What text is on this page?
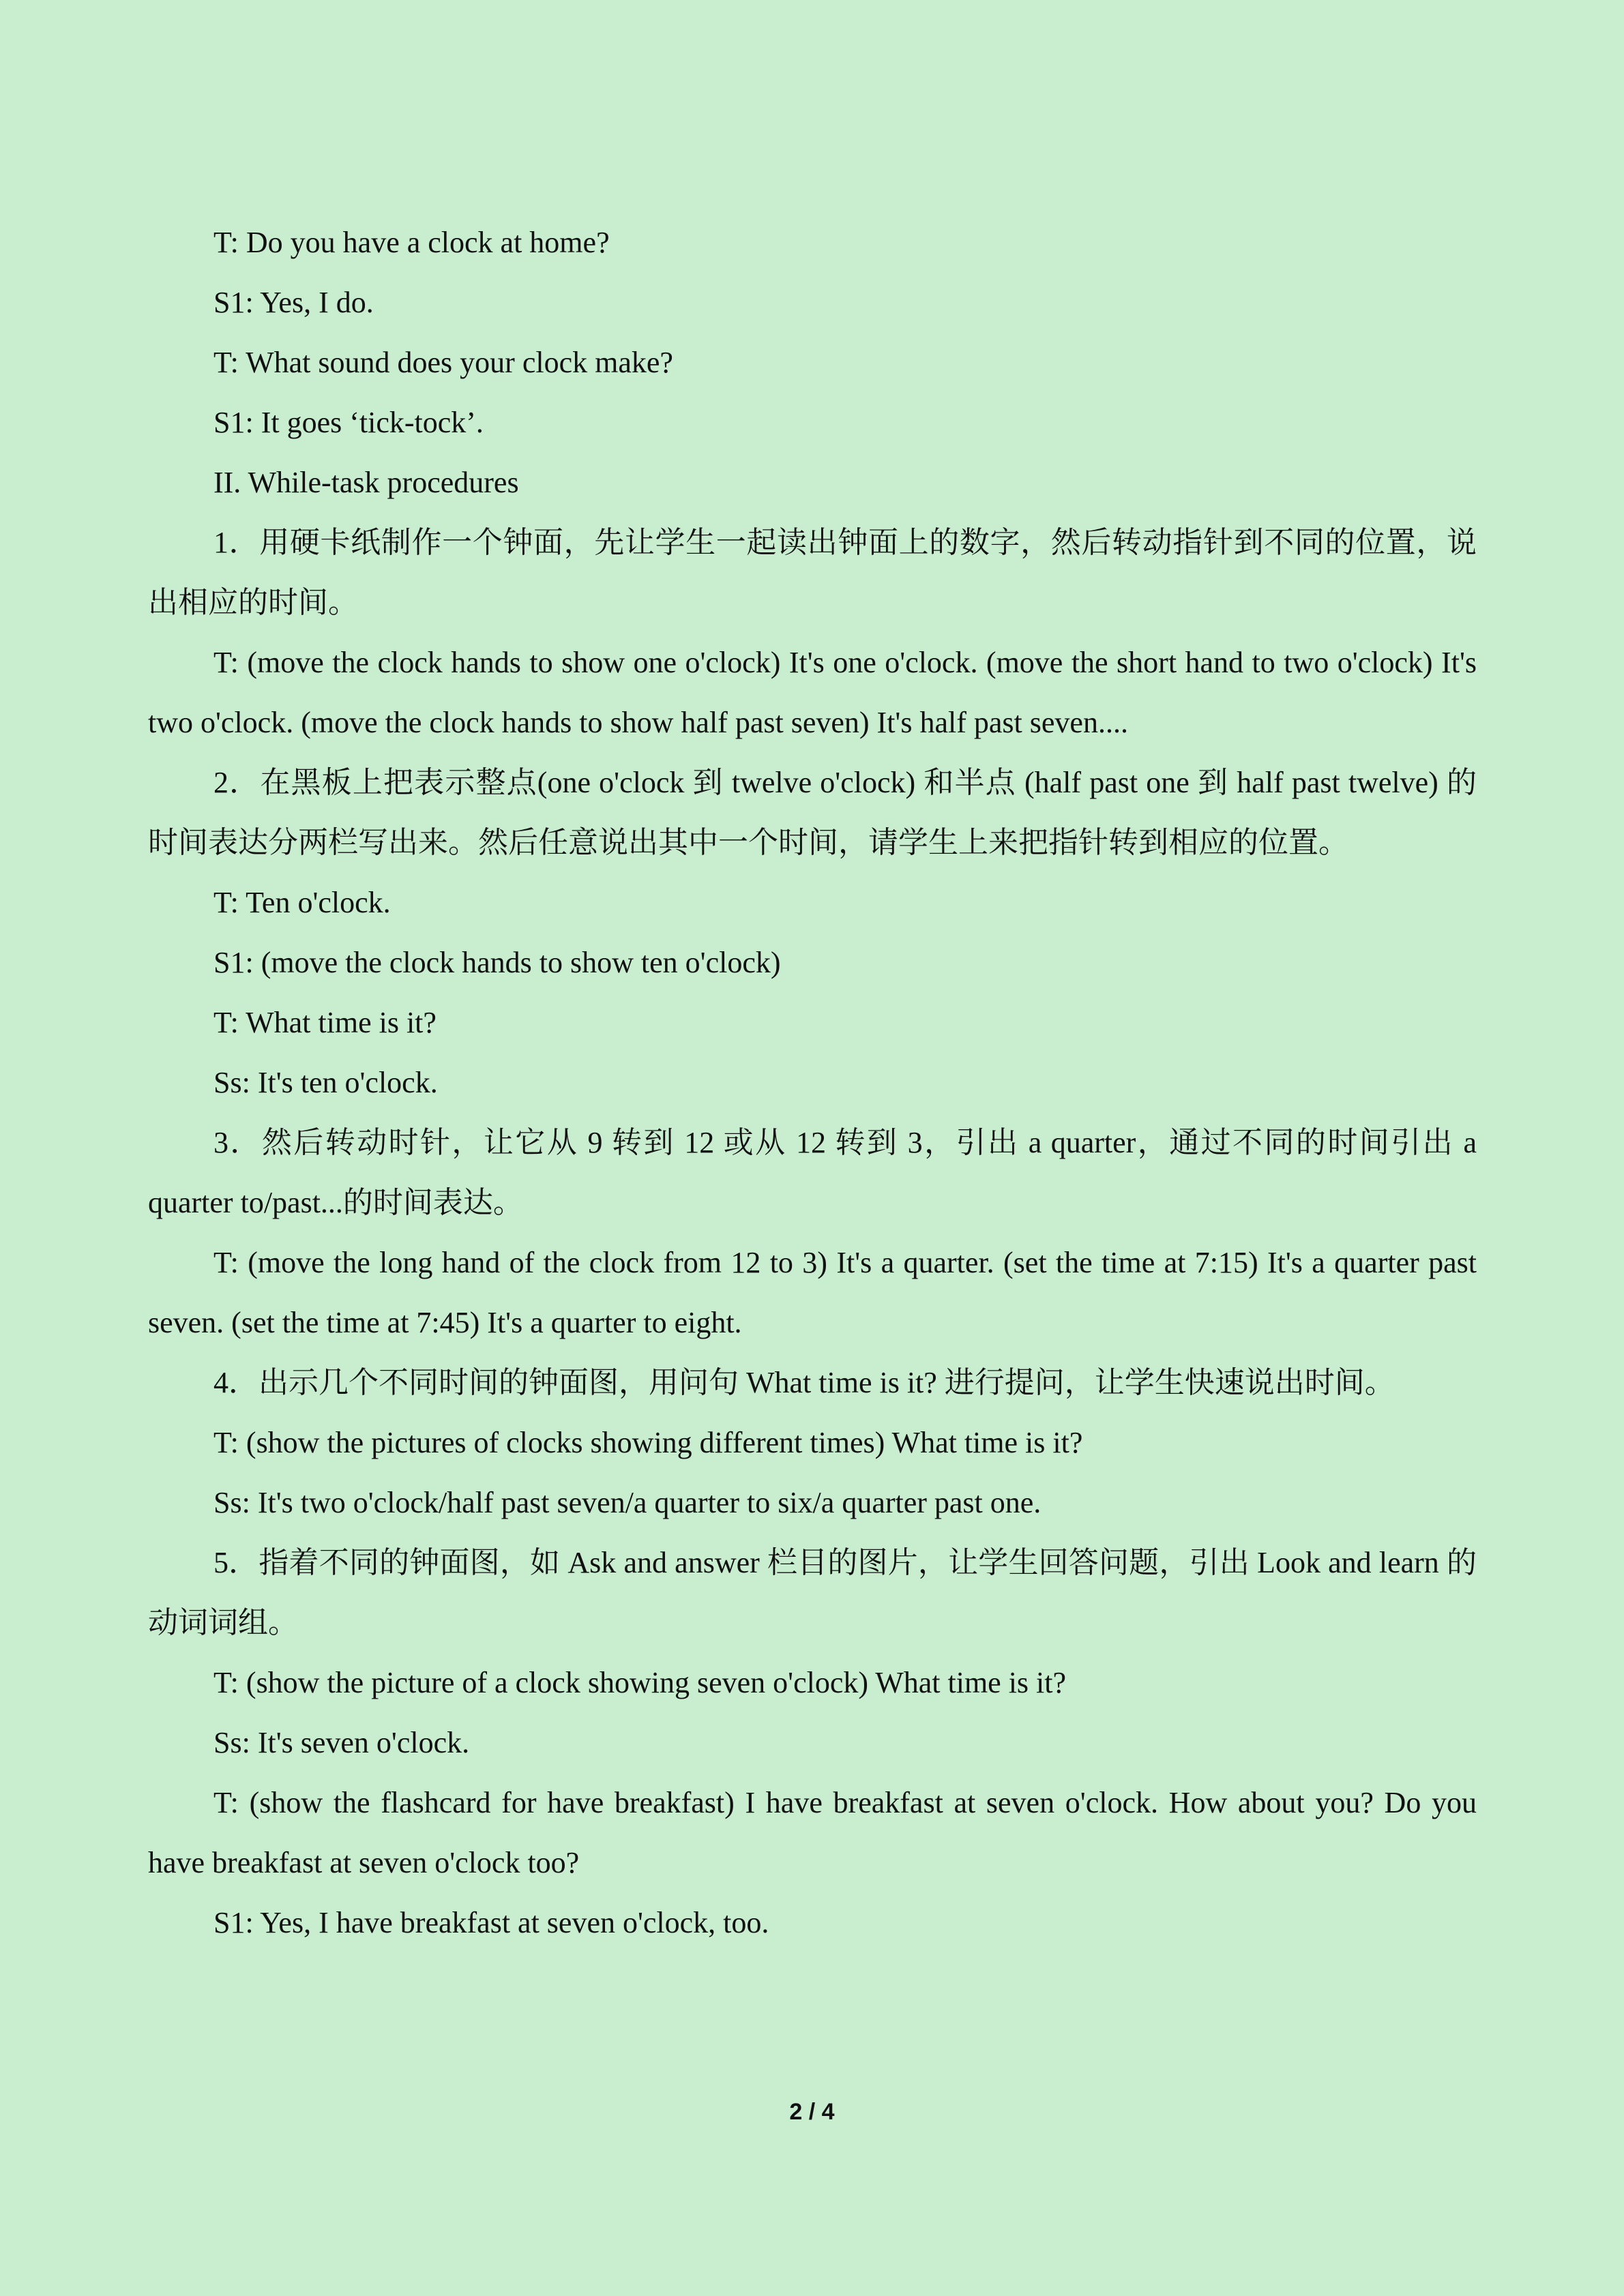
T: Do you have a clock at home?

S1: Yes, I do.

T: What sound does your clock make?

S1: It goes ‘tick-tock’.

II. While-task procedures

1．用硬卡纸制作一个钟面，先让学生一起读出钟面上的数字，然后转动指针到不同的位置，说出相应的时间。

T: (move the clock hands to show one o'clock) It's one o'clock. (move the short hand to two o'clock) It's two o'clock. (move the clock hands to show half past seven) It's half past seven....

2．在黑板上把表示整点(one o'clock 到 twelve o'clock) 和半点 (half past one 到 half past twelve) 的时间表达分两栏写出来。然后任意说出其中一个时间，请学生上来把指针转到相应的位置。

T: Ten o'clock.

S1: (move the clock hands to show ten o'clock)

T: What time is it?

Ss: It's ten o'clock.

3．然后转动时针，让它从 9 转到 12 或从 12 转到 3，引出 a quarter，通过不同的时间引出 a quarter to/past...的时间表达。

T: (move the long hand of the clock from 12 to 3) It's a quarter. (set the time at 7:15) It's a quarter past seven. (set the time at 7:45) It's a quarter to eight.

4．出示几个不同时间的钟面图，用问句 What time is it? 进行提问，让学生快速说出时间。

T: (show the pictures of clocks showing different times) What time is it?

Ss: It's two o'clock/half past seven/a quarter to six/a quarter past one.

5．指着不同的钟面图，如 Ask and answer 栏目的图片，让学生回答问题，引出 Look and learn 的动词词组。

T: (show the picture of a clock showing seven o'clock) What time is it?

Ss: It's seven o'clock.

T: (show the flashcard for have breakfast) I have breakfast at seven o'clock. How about you? Do you have breakfast at seven o'clock too?

S1: Yes, I have breakfast at seven o'clock, too.

2 / 4
